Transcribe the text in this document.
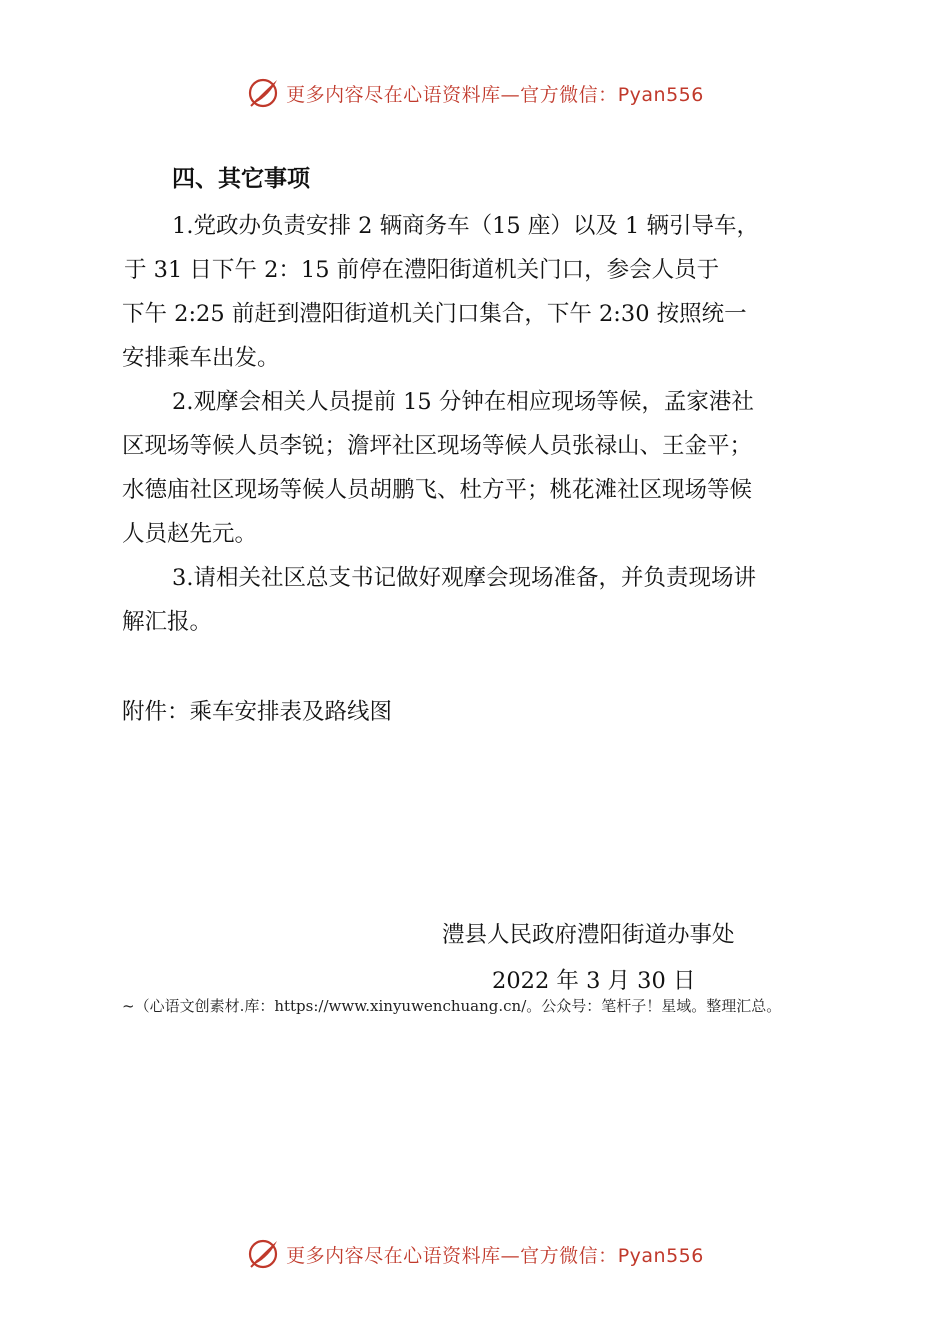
更多内容尽在心语资料库—官方微信：Pyan556
四、其它事项
1.党政办负责安排 2 辆商务车（15 座）以及 1 辆引导车，
于 31 日下午 2：15 前停在澧阳街道机关门口，参会人员于
下午 2:25 前赶到澧阳街道机关门口集合，下午 2:30 按照统一
安排乘车出发。
2.观摩会相关人员提前 15 分钟在相应现场等候，孟家港社
区现场等候人员李锐；澹坪社区现场等候人员张禄山、王金平；
水德庙社区现场等候人员胡鹏飞、杜方平；桃花滩社区现场等候
人员赵先元。
3.请相关社区总支书记做好观摩会现场准备，并负责现场讲
解汇报。
附件：乘车安排表及路线图
澧县人民政府澧阳街道办事处
2022 年 3 月 30 日
~（心语文创素材.库：https://www.xinyuwenchuang.cn/。公众号：笔杆子！星域。整理汇总。
更多内容尽在心语资料库—官方微信：Pyan556
